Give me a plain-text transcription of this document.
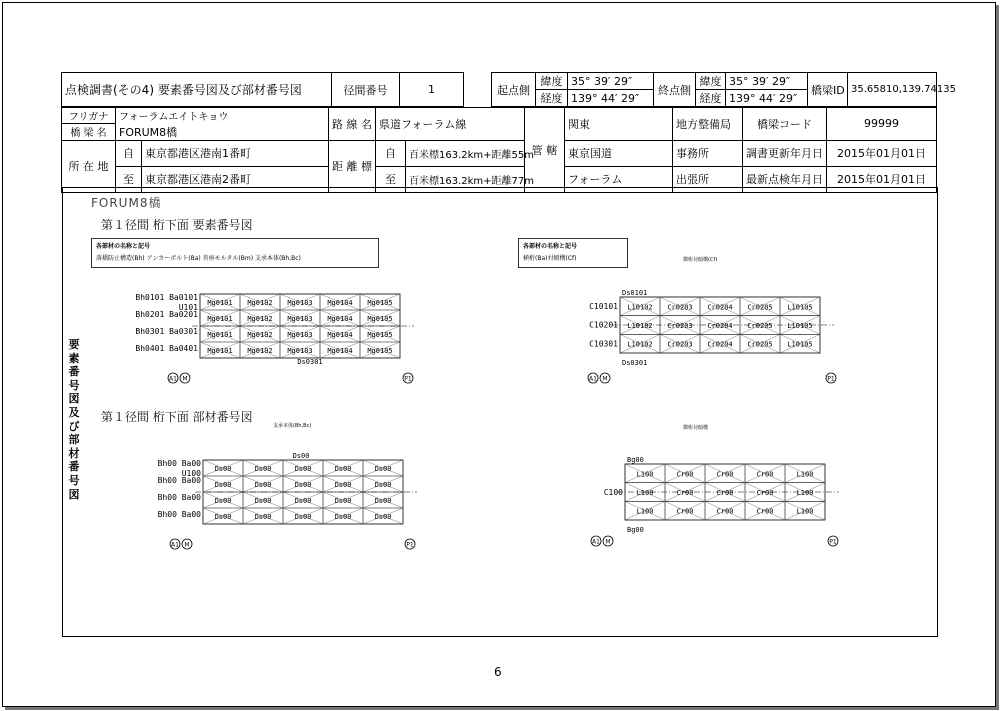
点検調書(その4) 要素番号図及び部材番号図	径間番号	1		起点側	緯度	35° 39′ 29″	終点側	緯度	35° 39′ 29″	橋梁ID	35.65810,139.74135
					経度	139° 44′ 29″		経度	139° 44′ 29″		
フリガナ	フォーラムエイトキョウ		路 線 名	県道フォーラム線		管 轄	関東	地方整備局	橋梁コード	99999
橋 梁 名	FORUM8橋									
所 在 地	自	東京都港区港南1番町	距 離 標	自	百米標163.2km+距離55m		東京国道	事務所	調書更新年月日	2015年01月01日

	至	東京都港区港南2番町		至	百米標163.2km+距離77m		フォーラム	出張所	最新点検年月日	2015年01月01日

要素番号図及び部材番号図
FORUM8橋
第１径間 桁下面 要素番号図
第１径間 桁下面 部材番号図
各部材の名称と記号
落橋防止構造(Bh) アンカーボルト(Ba) 沓座モルタル(Bm) 支承本体(Bh,Bc)
各部材の名称と記号
横桁(Ba)対傾構(Cf)	横桁対傾構(Cf)
支承本体(Bh,Bc)	横桁対傾構
Bh0101 Ba0101
Bh0201 Ba0201
Bh0301 Ba0301
Bh0401 Ba0401
U101 Mg0101 Mg0102 Mg0103 Mg0104 Mg0105
Mg0101 Mg0102 Mg0103 Mg0104 Mg0105
Mg0101 Mg0102 Mg0103 Mg0104 Mg0105
Mg0101 Mg0102 Mg0103 Mg0104 Mg0105
Ds0301
A1 M	P1
Ds0101
C10101
C10201
C10301
L10102 Cr0203 Cr0204 Cr0205 L10105
L10102 Cr0203 Cr0204 Cr0205 L10105
L10102 Cr0203 Cr0204 Cr0205 L10105
Ds0301
A1 M	P1
Ds00
Bh00 Ba00
Bh00 Ba00
Bh00 Ba00
Bh00 Ba00
U100 Ds00	Ds00	Ds00	Ds00	Ds00
Ds00	Ds00	Ds00	Ds00	Ds00
Ds00	Ds00	Ds00	Ds00	Ds00
Ds00	Ds00	Ds00	Ds00	Ds00
A1 M	P1
Bg00
C100
L100	Cr00	Cr00	Cr00	L100
L100	Cr00	Cr00	Cr00	L100
L100	Cr00	Cr00	Cr00	L100
Bg00
A1 M	P1
6
